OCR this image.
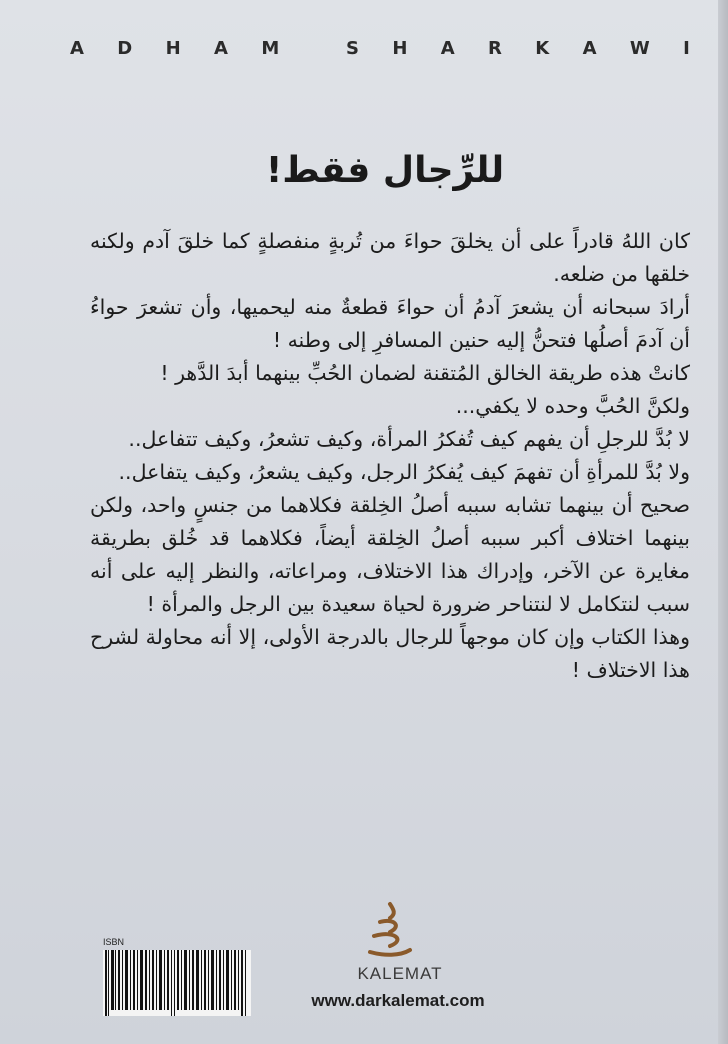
A D H A M	S H A R K A W I
للرِّجال فقط!

كان اللهُ قادراً على أن يخلقَ حواءَ من تُربةٍ منفصلةٍ كما خلقَ آدم ولكنه خلقها من ضلعه.

أرادَ سبحانه أن يشعرَ آدمُ أن حواءَ قطعةٌ منه ليحميها، وأن تشعرَ حواءُ أن آدمَ أصلُها فتحنُّ إليه حنين المسافرِ إلى وطنه !

كانتْ هذه طريقة الخالق المُتقنة لضمان الحُبِّ بينهما أبدَ الدَّهر !

ولكنَّ الحُبَّ وحده لا يكفي...

لا بُدَّ للرجلِ أن يفهم كيف تُفكرُ المرأة، وكيف تشعرُ، وكيف تتفاعل..

ولا بُدَّ للمرأةِ أن تفهمَ كيف يُفكرُ الرجل، وكيف يشعرُ، وكيف يتفاعل..

صحيح أن بينهما تشابه سببه أصلُ الخِلقة فكلاهما من جنسٍ واحد، ولكن بينهما اختلاف أكبر سببه أصلُ الخِلقة أيضاً، فكلاهما قد خُلق بطريقة مغايرة عن الآخر، وإدراك هذا الاختلاف، ومراعاته، والنظر إليه على أنه سبب لنتكامل لا لنتناحر ضرورة لحياة سعيدة بين الرجل والمرأة !

وهذا الكتاب وإن كان موجهاً للرجال بالدرجة الأولى، إلا أنه محاولة لشرح هذا الاختلاف !

ISBN
KALEMAT
www.darkalemat.com
